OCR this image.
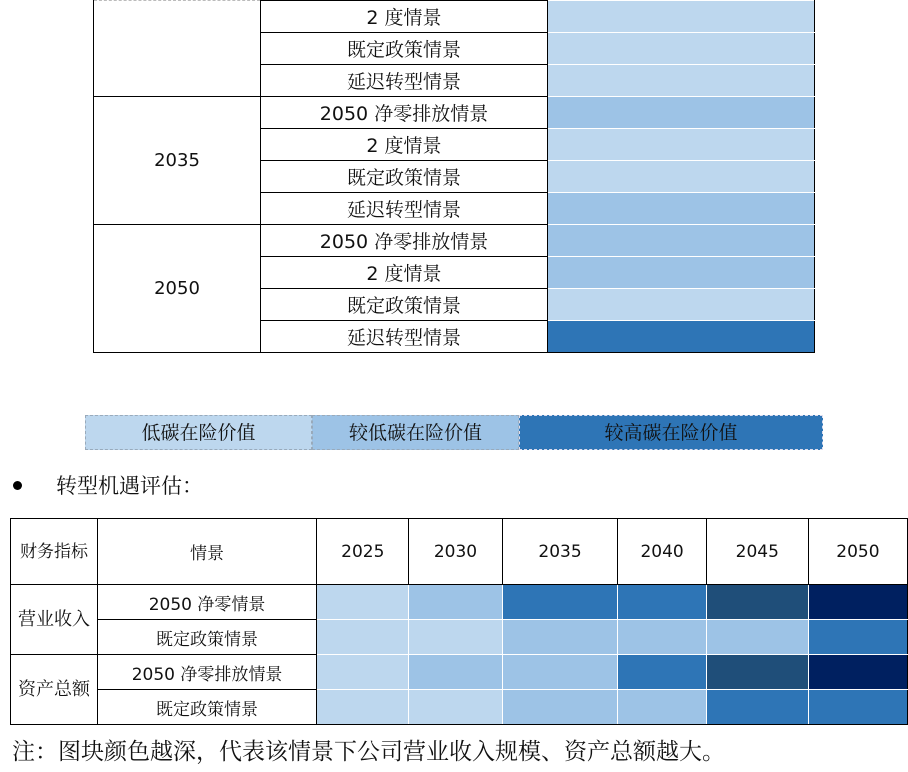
	2 度情景	
	既定政策情景	
	延迟转型情景	
2035	2050 净零排放情景	
	2 度情景	
	既定政策情景	
	延迟转型情景	
2050	2050 净零排放情景	
	2 度情景	
	既定政策情景	
	延迟转型情景	
低碳在险价值	较低碳在险价值	较高碳在险价值
转型机遇评估：
财务指标	情景	2025	2030	2035	2040	2045	2050
营业收入	2050 净零情景						
	既定政策情景						
资产总额	2050 净零排放情景						
	既定政策情景						
注：图块颜色越深，代表该情景下公司营业收入规模、资产总额越大。
